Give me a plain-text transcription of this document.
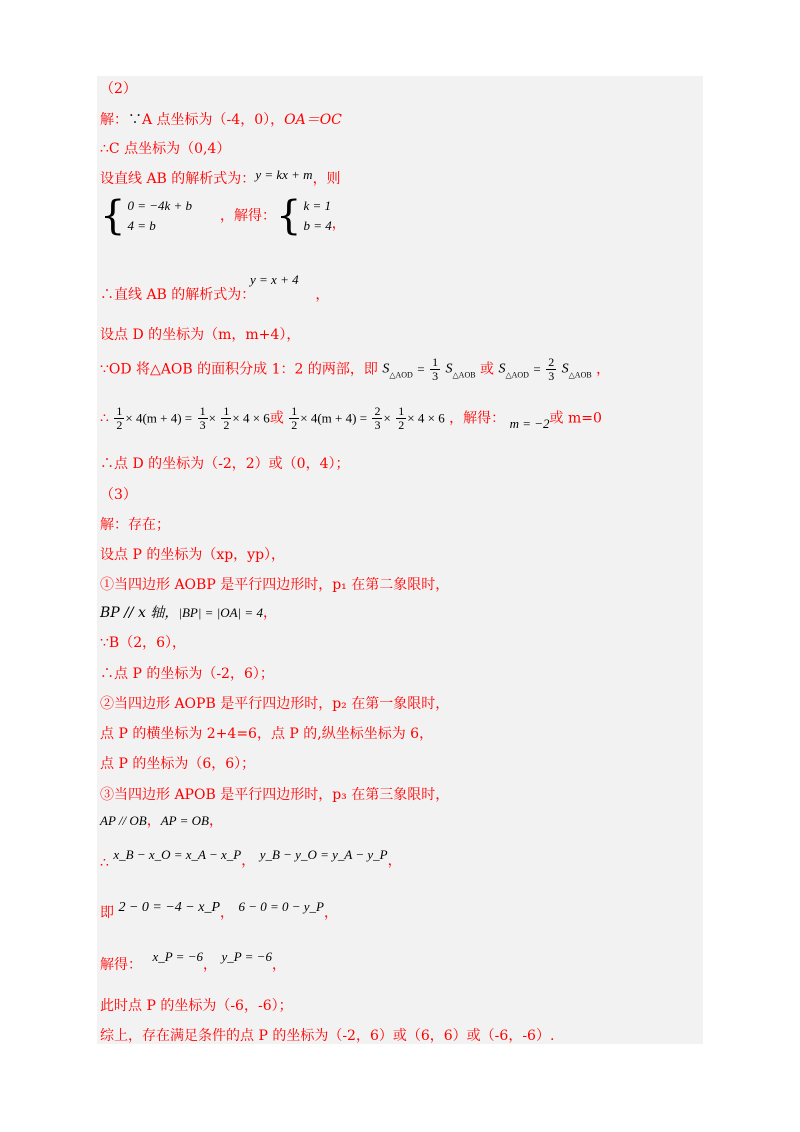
（2）
解：∵A 点坐标为（-4，0），OA＝OC
∴C 点坐标为（0,4）
设直线 AB 的解析式为：y = kx + m，则
{ 0 = −4k + b
4 = b
，解得：{ k = 1
b = 4 ，
y = x + 4
∴直线 AB 的解析式为：	，
设点 D 的坐标为（m，m+4），
∵OD 将△AOB 的面积分成 1：2 的两部，即 $S_{\triangle AOD} = \frac{1}{3} S_{\triangle AOB}$ 或 $S_{\triangle AOD} = \frac{2}{3} S_{\triangle AOB}$ ，
∴ $\frac{1}{2} \times 4(m + 4) = \frac{1}{3} \times \frac{1}{2} \times 4 \times 6$或 $\frac{1}{2} \times 4(m + 4) = \frac{2}{3} \times \frac{1}{2} \times 4 \times 6$ ，解得： m = −2或 m=0
∴点 D 的坐标为（-2，2）或（0，4）；
（3）
解：存在；
设点 P 的坐标为（xp，yp），
①当四边形 AOBP 是平行四边形时，p₁ 在第二象限时，
BP // x 轴，|BP| = |OA| = 4，
∵B（2，6），
∴点 P 的坐标为（-2，6）；
②当四边形 AOPB 是平行四边形时，p₂ 在第一象限时，
点 P 的横坐标为 2+4=6，点 P 的,纵坐标坐标为 6，
点 P 的坐标为（6，6）；
③当四边形 APOB 是平行四边形时，p₃ 在第三象限时，
AP // OB，AP = OB，
∴ x_B − x_O = x_A − x_P， y_B − y_O = y_A − y_P，
即 2 − 0 = −4 − x_P， 6 − 0 = 0 − y_P，
解得： x_P = −6， y_P = −6，
此时点 P 的坐标为（-6，-6）；
综上，存在满足条件的点 P 的坐标为（-2，6）或（6，6）或（-6，-6）.
